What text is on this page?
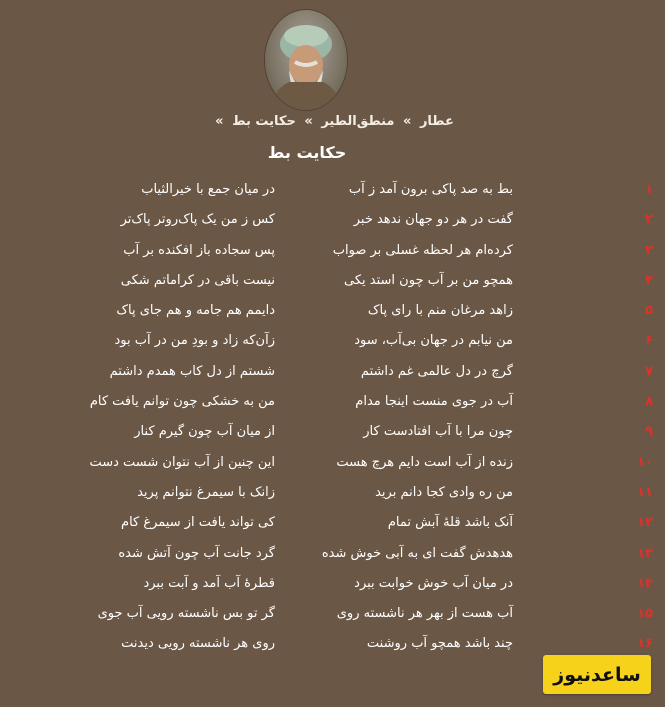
عطار » منطق‌الطیر » حکایت بط »
حکایت بط
۱
بط به صد پاکی برون آمد ز آب
در میان جمع با خیرالثیاب
۲
گفت در هر دو جهان ندهد خبر
کس ز من یک پاک‌روتر پاک‌تر
۳
کرده‌ام هر لحظه غسلی بر صواب
پس سجاده باز افکنده بر آب
۴
همچو من بر آب چون استد یکی
نیست باقی در کراماتم شکی
۵
زاهد مرغان منم با رای پاک
دایمم هم جامه و هم جای پاک
۶
من نیابم در جهان بی‌آب، سود
زآن‌که زاد و بودِ من در آب بود
۷
گرچ در دل عالمی غم داشتم
شستم از دل کاب همدم داشتم
۸
آب در جوی منست اینجا مدام
من به خشکی چون توانم یافت کام
۹
چون مرا با آب افتادست کار
از میان آب چون گیرم کنار
۱۰
زنده از آب است دایم هرچ هست
این چنین از آب نتوان شست دست
۱۱
من ره وادی کجا دانم برید
زانک با سیمرغ نتوانم پرید
۱۲
آنک باشد قلهٔ آبش تمام
کی تواند یافت از سیمرغ کام
۱۳
هدهدش گفت ای به آبی خوش شده
گرد جانت آب چون آتش شده
۱۴
در میان آب خوش خوابت ببرد
قطرهٔ آب آمد و آبت ببرد
۱۵
آب هست از بهر هر ناشسته روی
گر تو بس ناشسته رویی آب جوی
۱۶
چند باشد همچو آب روشنت
روی هر ناشسته رویی دیدنت
ساعدنیوز
